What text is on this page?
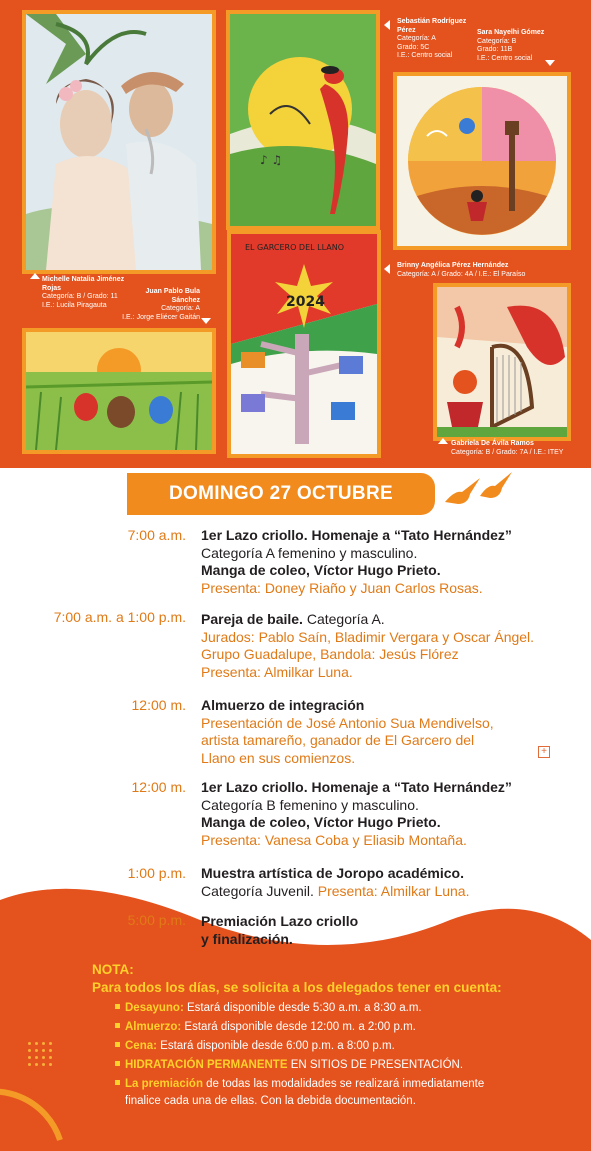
♪ ♫
Sebastián Rodríguez Pérez
Categoría: A
Grado: 5C
I.E.: Centro social
Sara Nayelhi Gómez
Categoría: B
Grado: 11B
I.E.: Centro social
Brinny Angélica Pérez Hernández
Categoría: A / Grado: 4A / I.E.: El Paraíso
EL GARCERO DEL LLANO
2024
Michelle Natalia Jiménez Rojas
Categoría: B / Grado: 11
I.E.: Lucila Piragauta
Juan Pablo Bula Sánchez
Categoría: A
I.E.: Jorge Eliécer Gaitán
Gabriela De Ávila Ramos
Categoría: B / Grado: 7A / I.E.: ITEY
DOMINGO 27 OCTUBRE
7:00 a.m. 1er Lazo criollo. Homenaje a “Tato Hernández”
Categoría A femenino y masculino.
Manga de coleo, Víctor Hugo Prieto.
Presenta: Doney Riaño y Juan Carlos Rosas.
7:00 a.m. a 1:00 p.m. Pareja de baile. Categoría A.
Jurados: Pablo Saín, Bladimir Vergara y Oscar Ángel.
Grupo Guadalupe, Bandola: Jesús Flórez
Presenta: Almilkar Luna.
12:00 m. Almuerzo de integración
Presentación de José Antonio Sua Mendivelso,
artista tamareño, ganador de El Garcero del
Llano en sus comienzos.
12:00 m. 1er Lazo criollo. Homenaje a “Tato Hernández”
Categoría B femenino y masculino.
Manga de coleo, Víctor Hugo Prieto.
Presenta: Vanesa Coba y Eliasib Montaña.
1:00 p.m. Muestra artística de Joropo académico.
Categoría Juvenil. Presenta: Almilkar Luna.
+
5:00 p.m. Premiación Lazo criollo
y finalización.
NOTA:
Para todos los días, se solicita a los delegados tener en cuenta:
Desayuno: Estará disponible desde 5:30 a.m. a 8:30 a.m.
Almuerzo: Estará disponible desde 12:00 m. a 2:00 p.m.
Cena: Estará disponible desde 6:00 p.m. a 8:00 p.m.
HIDRATACIÓN PERMANENTE EN SITIOS DE PRESENTACIÓN.
La premiación de todas las modalidades se realizará inmediatamente
finalice cada una de ellas. Con la debida documentación.
